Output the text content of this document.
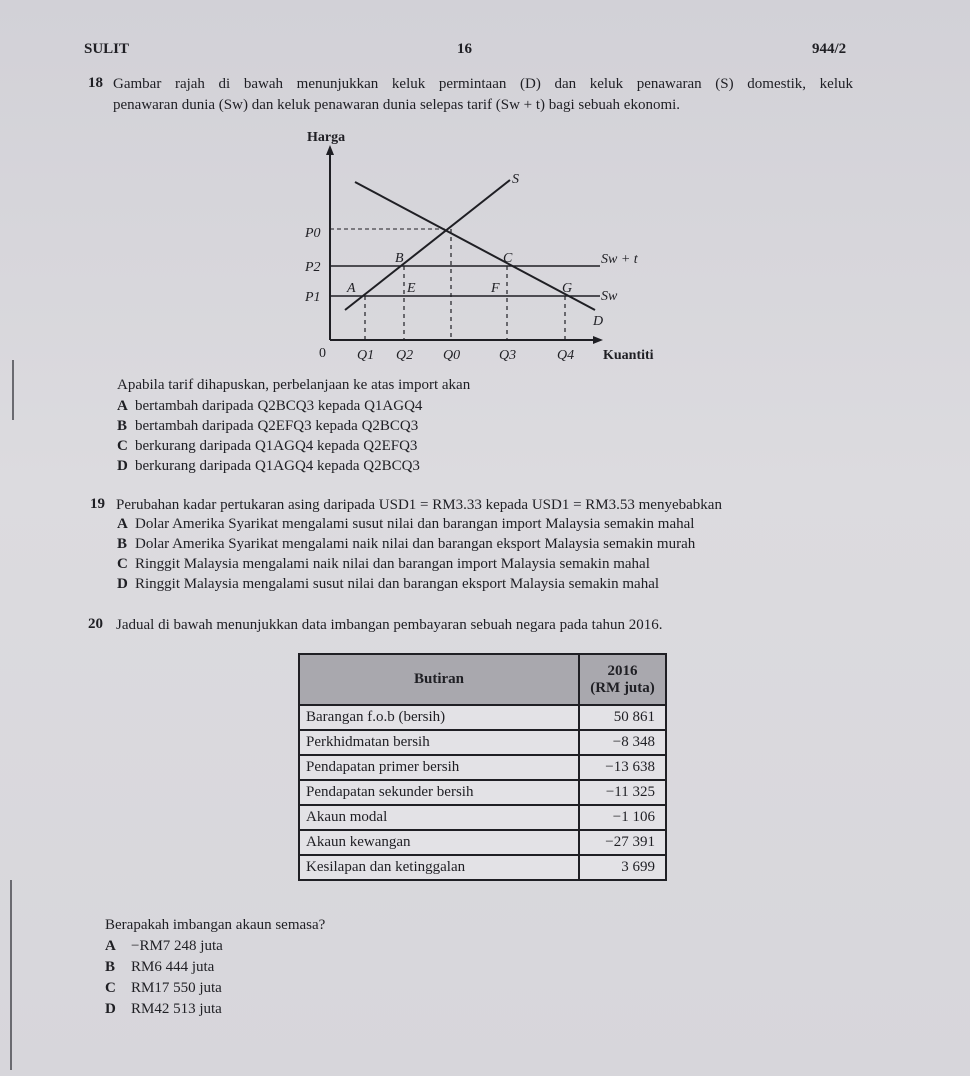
SULIT	16	944/2
18 Gambar rajah di bawah menunjukkan keluk permintaan (D) dan keluk penawaran (S) domestik, keluk
penawaran dunia (Sw) dan keluk penawaran dunia selepas tarif (Sw + t) bagi sebuah ekonomi.
Harga
Kuantiti
0
P0
P2
P1
Q1 Q2 Q0	Q3	Q4
S
D
Sw + t
Sw
A
B	C
E	F	G
Apabila tarif dihapuskan, perbelanjaan ke atas import akan
A bertambah daripada Q2BCQ3 kepada Q1AGQ4
B bertambah daripada Q2EFQ3 kepada Q2BCQ3
C berkurang daripada Q1AGQ4 kepada Q2EFQ3
D berkurang daripada Q1AGQ4 kepada Q2BCQ3
19 Perubahan kadar pertukaran asing daripada USD1 = RM3.33 kepada USD1 = RM3.53 menyebabkan
A Dolar Amerika Syarikat mengalami susut nilai dan barangan import Malaysia semakin mahal
B Dolar Amerika Syarikat mengalami naik nilai dan barangan eksport Malaysia semakin murah
C Ringgit Malaysia mengalami naik nilai dan barangan import Malaysia semakin mahal
D Ringgit Malaysia mengalami susut nilai dan barangan eksport Malaysia semakin mahal
20 Jadual di bawah menunjukkan data imbangan pembayaran sebuah negara pada tahun 2016.
Butiran	2016
(RM juta)

Barangan f.o.b (bersih)	50 861
Perkhidmatan bersih	−8 348
Pendapatan primer bersih	−13 638
Pendapatan sekunder bersih	−11 325
Akaun modal	−1 106
Akaun kewangan	−27 391
Kesilapan dan ketinggalan	3 699
Berapakah imbangan akaun semasa?
A −RM7 248 juta
B RM6 444 juta
C RM17 550 juta
D RM42 513 juta
